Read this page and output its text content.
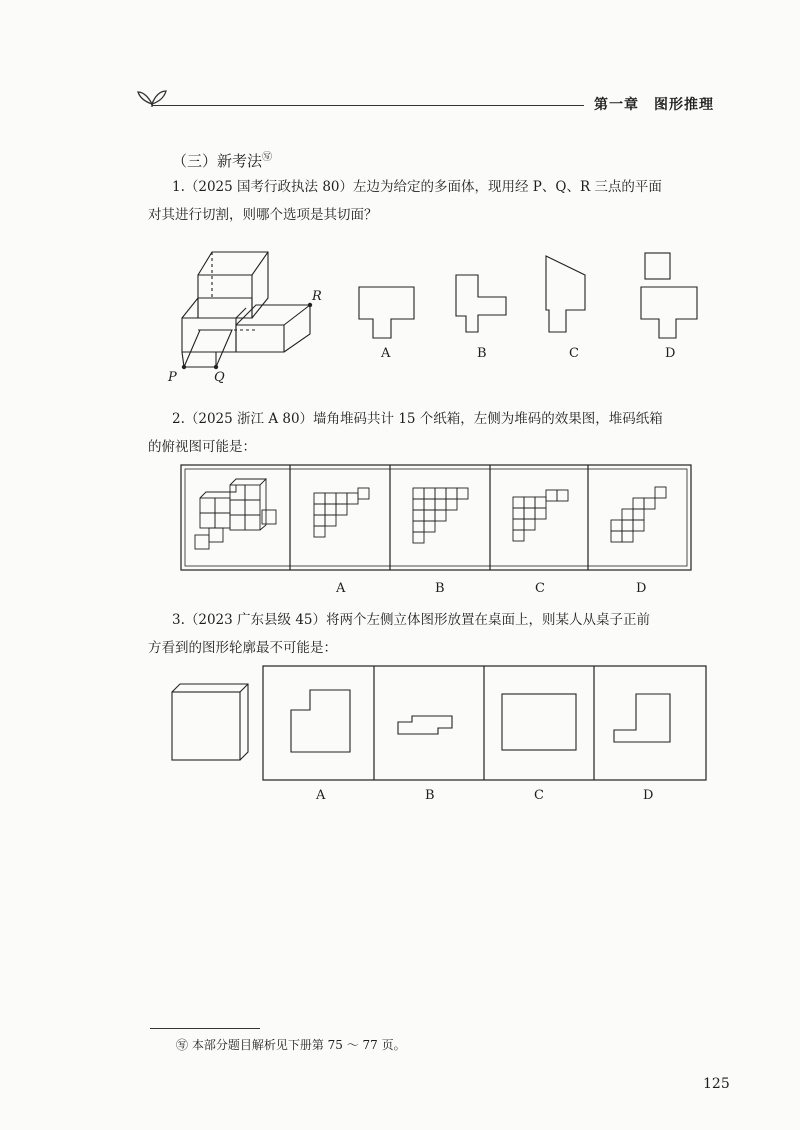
第一章　图形推理
（三）新考法㊢
1.（2025 国考行政执法 80）左边为给定的多面体，现用经 P、Q、R 三点的平面
对其进行切割，则哪个选项是其切面？
P	Q
R
A	B	C	D
2.（2025 浙江 A 80）墙角堆码共计 15 个纸箱，左侧为堆码的效果图，堆码纸箱
的俯视图可能是：
A	B	C	D
3.（2023 广东县级 45）将两个左侧立体图形放置在桌面上，则某人从桌子正前
方看到的图形轮廓最不可能是：
A	B	C	D
㊢ 本部分题目解析见下册第 75 ～ 77 页。
125
